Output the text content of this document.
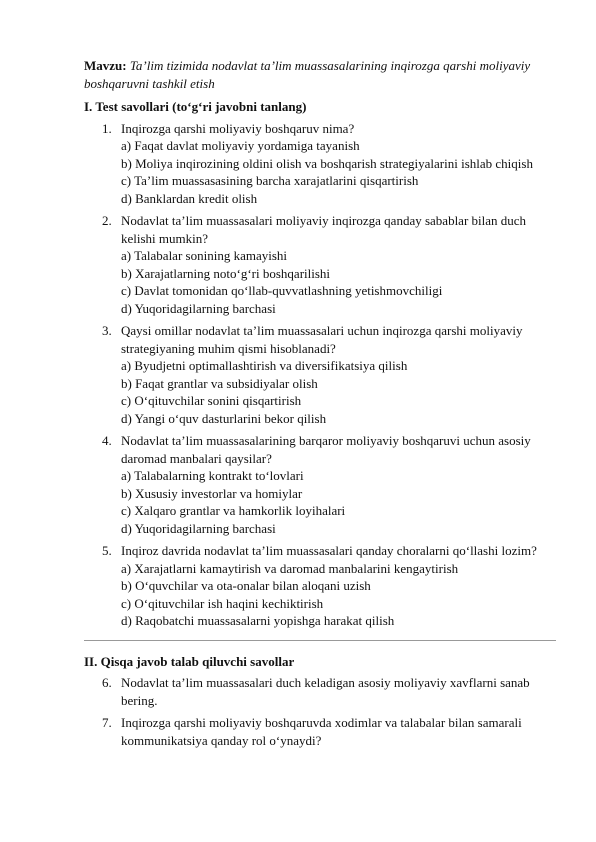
Mavzu: Ta’lim tizimida nodavlat ta’lim muassasalarining inqirozga qarshi moliyaviy boshqaruvni tashkil etish
I. Test savollari (to‘g‘ri javobni tanlang)
1. Inqirozga qarshi moliyaviy boshqaruv nima?
a) Faqat davlat moliyaviy yordamiga tayanish
b) Moliya inqirozining oldini olish va boshqarish strategiyalarini ishlab chiqish
c) Ta’lim muassasasining barcha xarajatlarini qisqartirish
d) Banklardan kredit olish
2. Nodavlat ta’lim muassasalari moliyaviy inqirozga qanday sabablar bilan duch kelishi mumkin?
a) Talabalar sonining kamayishi
b) Xarajatlarning noto‘g‘ri boshqarilishi
c) Davlat tomonidan qo‘llab-quvvatlashning yetishmovchiligi
d) Yuqoridagilarning barchasi
3. Qaysi omillar nodavlat ta’lim muassasalari uchun inqirozga qarshi moliyaviy strategiyaning muhim qismi hisoblanadi?
a) Byudjetni optimallashtirish va diversifikatsiya qilish
b) Faqat grantlar va subsidiyalar olish
c) O‘qituvchilar sonini qisqartirish
d) Yangi o‘quv dasturlarini bekor qilish
4. Nodavlat ta’lim muassasalarining barqaror moliyaviy boshqaruvi uchun asosiy daromad manbalari qaysilar?
a) Talabalarning kontrakt to‘lovlari
b) Xususiy investorlar va homiylar
c) Xalqaro grantlar va hamkorlik loyihalari
d) Yuqoridagilarning barchasi
5. Inqiroz davrida nodavlat ta’lim muassasalari qanday choralarni qo‘llashi lozim?
a) Xarajatlarni kamaytirish va daromad manbalarini kengaytirish
b) O‘quvchilar va ota-onalar bilan aloqani uzish
c) O‘qituvchilar ish haqini kechiktirish
d) Raqobatchi muassasalarni yopishga harakat qilish
II. Qisqa javob talab qiluvchi savollar
6. Nodavlat ta’lim muassasalari duch keladigan asosiy moliyaviy xavflarni sanab bering.
7. Inqirozga qarshi moliyaviy boshqaruvda xodimlar va talabalar bilan samarali kommunikatsiya qanday rol o‘ynaydi?
